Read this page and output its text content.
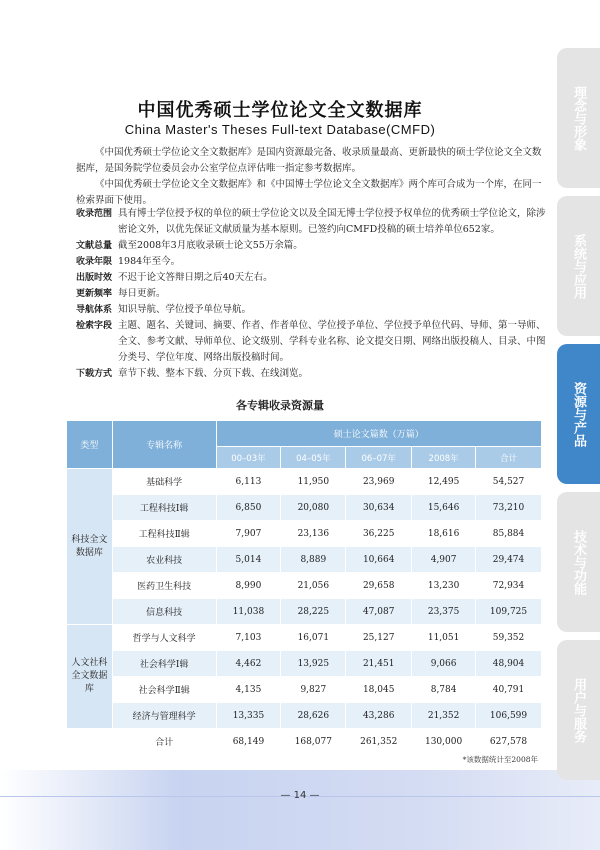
中国优秀硕士学位论文全文数据库
China Master's Theses Full-text Database(CMFD)

《中国优秀硕士学位论文全文数据库》是国内资源最完备、收录质量最高、更新最快的硕士学位论文全文数据库，是国务院学位委员会办公室学位点评估唯一指定参考数据库。

《中国优秀硕士学位论文全文数据库》和《中国博士学位论文全文数据库》两个库可合成为一个库，在同一检索界面下使用。

收录范围 具有博士学位授予权的单位的硕士学位论文以及全国无博士学位授予权单位的优秀硕士学位论文，除涉密论文外，以优先保证文献质量为基本原则。已签约向CMFD投稿的硕士培养单位652家。
文献总量 截至2008年3月底收录硕士论文55万余篇。
收录年限 1984年至今。
出版时效 不迟于论文答辩日期之后40天左右。
更新频率 每日更新。
导航体系 知识导航、学位授予单位导航。
检索字段 主题、题名、关键词、摘要、作者、作者单位、学位授予单位、学位授予单位代码、导师、第一导师、全文、参考文献、导师单位、论文级别、学科专业名称、论文提交日期、网络出版投稿人、目录、中图分类号、学位年度、网络出版投稿时间。
下载方式 章节下载、整本下载、分页下载、在线浏览。
各专辑收录资源量
类型	专辑名称	硕士论文篇数（万篇）				
		00–03年	04–05年	06–07年	2008年	合计
科技全文数据库	基础科学	6,113	11,950	23,969	12,495	54,527
	工程科技Ⅰ辑	6,850	20,080	30,634	15,646	73,210
	工程科技Ⅱ辑	7,907	23,136	36,225	18,616	85,884
	农业科技	5,014	8,889	10,664	4,907	29,474
	医药卫生科技	8,990	21,056	29,658	13,230	72,934
	信息科技	11,038	28,225	47,087	23,375	109,725
人文社科全文数据库	哲学与人文科学	7,103	16,071	25,127	11,051	59,352
	社会科学Ⅰ辑	4,462	13,925	21,451	9,066	48,904
	社会科学Ⅱ辑	4,135	9,827	18,045	8,784	40,791
	经济与管理科学	13,335	28,626	43,286	21,352	106,599
	合计	68,149	168,077	261,352	130,000	627,578
*该数据统计至2008年
— 14 —
理念与形象
系统与应用
资源与产品
技术与功能
用户与服务
